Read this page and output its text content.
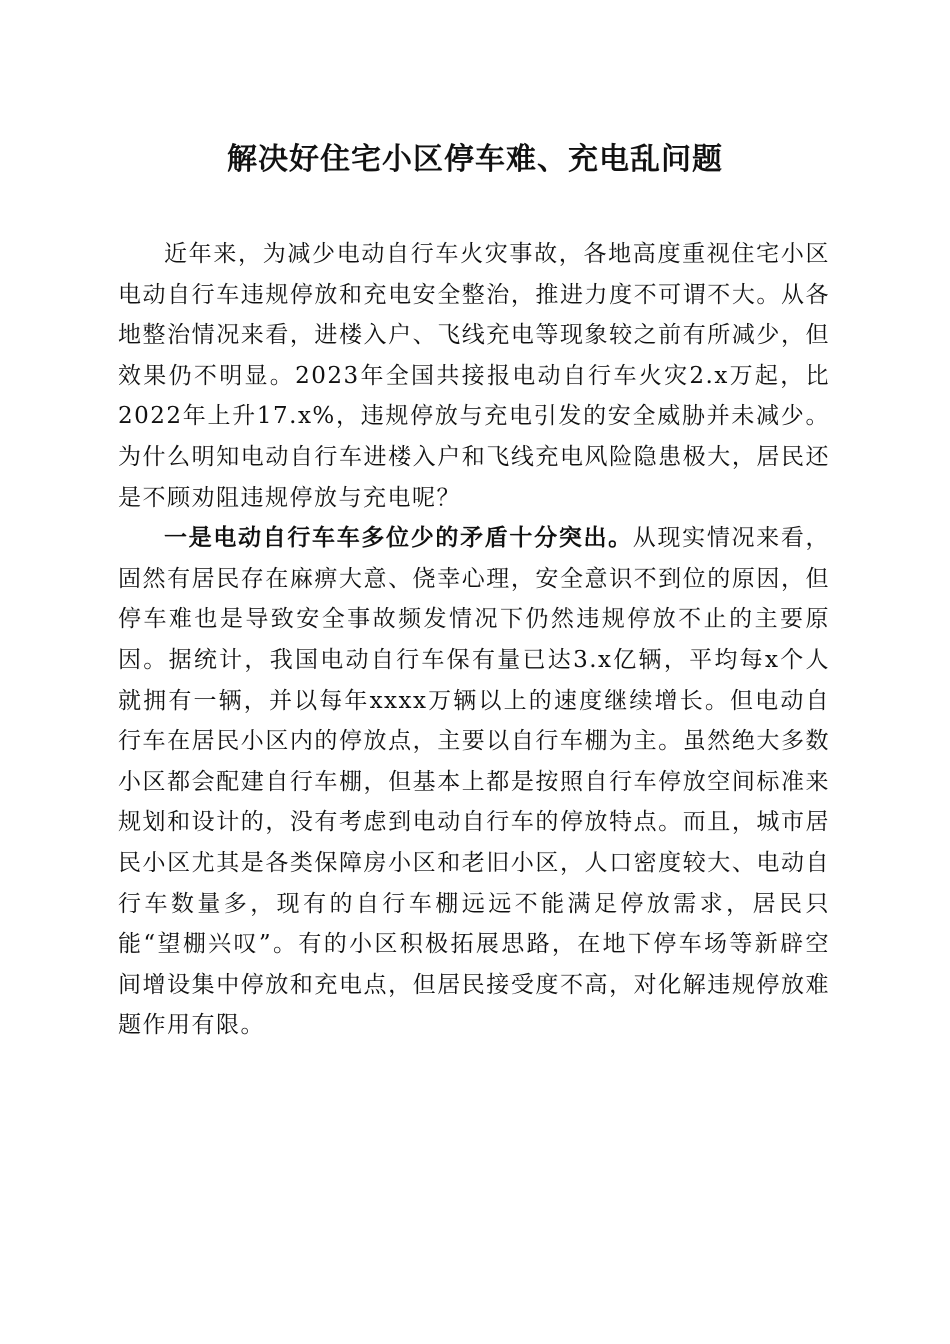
解决好住宅小区停车难、充电乱问题

近年来，为减少电动自行车火灾事故，各地高度重视住宅小区电动自行车违规停放和充电安全整治，推进力度不可谓不大。从各地整治情况来看，进楼入户、飞线充电等现象较之前有所减少，但效果仍不明显。2023年全国共接报电动自行车火灾2.x万起，比2022年上升17.x%，违规停放与充电引发的安全威胁并未减少。为什么明知电动自行车进楼入户和飞线充电风险隐患极大，居民还是不顾劝阻违规停放与充电呢？

一是电动自行车车多位少的矛盾十分突出。从现实情况来看，固然有居民存在麻痹大意、侥幸心理，安全意识不到位的原因，但停车难也是导致安全事故频发情况下仍然违规停放不止的主要原因。据统计，我国电动自行车保有量已达3.x亿辆，平均每x个人就拥有一辆，并以每年xxxx万辆以上的速度继续增长。但电动自行车在居民小区内的停放点，主要以自行车棚为主。虽然绝大多数小区都会配建自行车棚，但基本上都是按照自行车停放空间标准来规划和设计的，没有考虑到电动自行车的停放特点。而且，城市居民小区尤其是各类保障房小区和老旧小区，人口密度较大、电动自行车数量多，现有的自行车棚远远不能满足停放需求，居民只能“望棚兴叹”。有的小区积极拓展思路，在地下停车场等新辟空间增设集中停放和充电点，但居民接受度不高，对化解违规停放难题作用有限。
